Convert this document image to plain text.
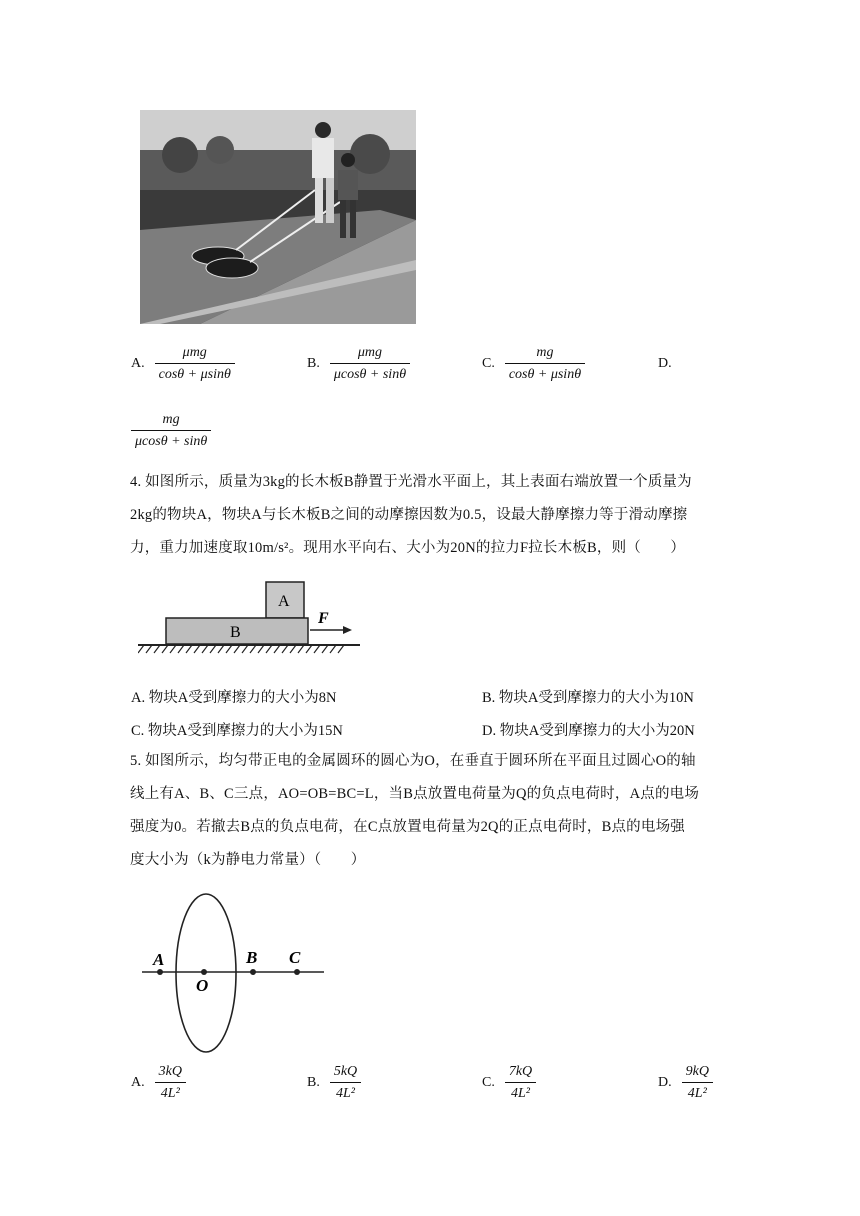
A. $\frac{\text{μmg}}{\cos\theta + \mu\sin\theta}$	B. $\frac{\text{μmg}}{\mu\cos\theta + \sin\theta}$	C. $\frac{mg}{\cos\theta + \mu\sin\theta}$	D.
$\frac{mg}{\mu\cos\theta + \sin\theta}$
4. 如图所示，质量为3kg的长木板B静置于光滑水平面上，其上表面右端放置一个质量为
2kg的物块A，物块A与长木板B之间的动摩擦因数为0.5，设最大静摩擦力等于滑动摩擦
力，重力加速度取10m/s²。现用水平向右、大小为20N的拉力F拉长木板B，则（　　）
A
B
F
A. 物块A受到摩擦力的大小为8N	B. 物块A受到摩擦力的大小为10N
C. 物块A受到摩擦力的大小为15N	D. 物块A受到摩擦力的大小为20N
5. 如图所示，均匀带正电的金属圆环的圆心为O，在垂直于圆环所在平面且过圆心O的轴
线上有A、B、C三点，AO=OB=BC=L，当B点放置电荷量为Q的负点电荷时，A点的电场
强度为0。若撤去B点的负点电荷，在C点放置电荷量为2Q的正点电荷时，B点的电场强
度大小为（k为静电力常量）（　　）
A
O
B C
A. $\frac{3kQ}{\text{4L²}}$	B. $\frac{5kQ}{\text{4L²}}$	C. $\frac{7kQ}{\text{4L²}}$	D. $\frac{9kQ}{\text{4L²}}$
